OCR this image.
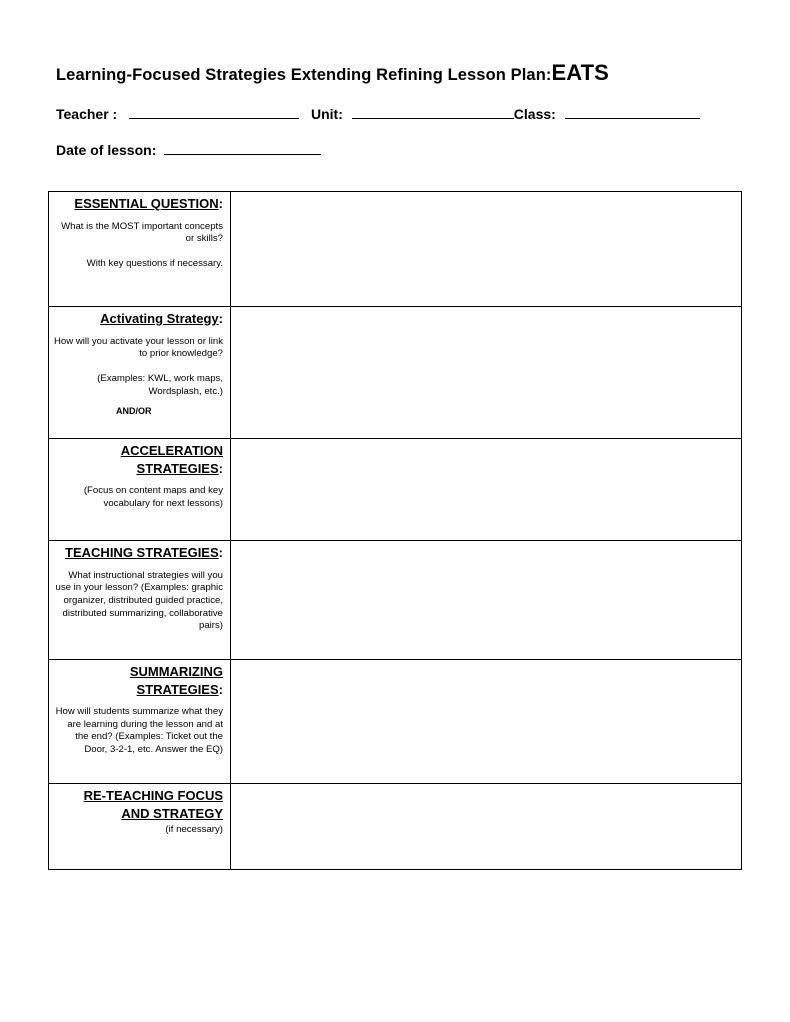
Learning-Focused Strategies Extending Refining Lesson Plan:EATS
Teacher :	Unit:	Class:
Date of lesson:
ESSENTIAL QUESTION:

What is the MOST important concepts or skills?

With key questions if necessary.	

Activating Strategy:

How will you activate your lesson or link to prior knowledge?

(Examples: KWL, work maps, Wordsplash, etc.)

AND/OR	

ACCELERATION
STRATEGIES:

(Focus on content maps and key vocabulary for next lessons)	

TEACHING STRATEGIES:

What instructional strategies will you use in your lesson? (Examples: graphic organizer, distributed guided practice, distributed summarizing, collaborative pairs)	

SUMMARIZING
STRATEGIES:

How will students summarize what they are learning during the lesson and at the end? (Examples: Ticket out the Door, 3-2-1, etc. Answer the EQ)	

RE-TEACHING FOCUS
AND STRATEGY
(if necessary)	
